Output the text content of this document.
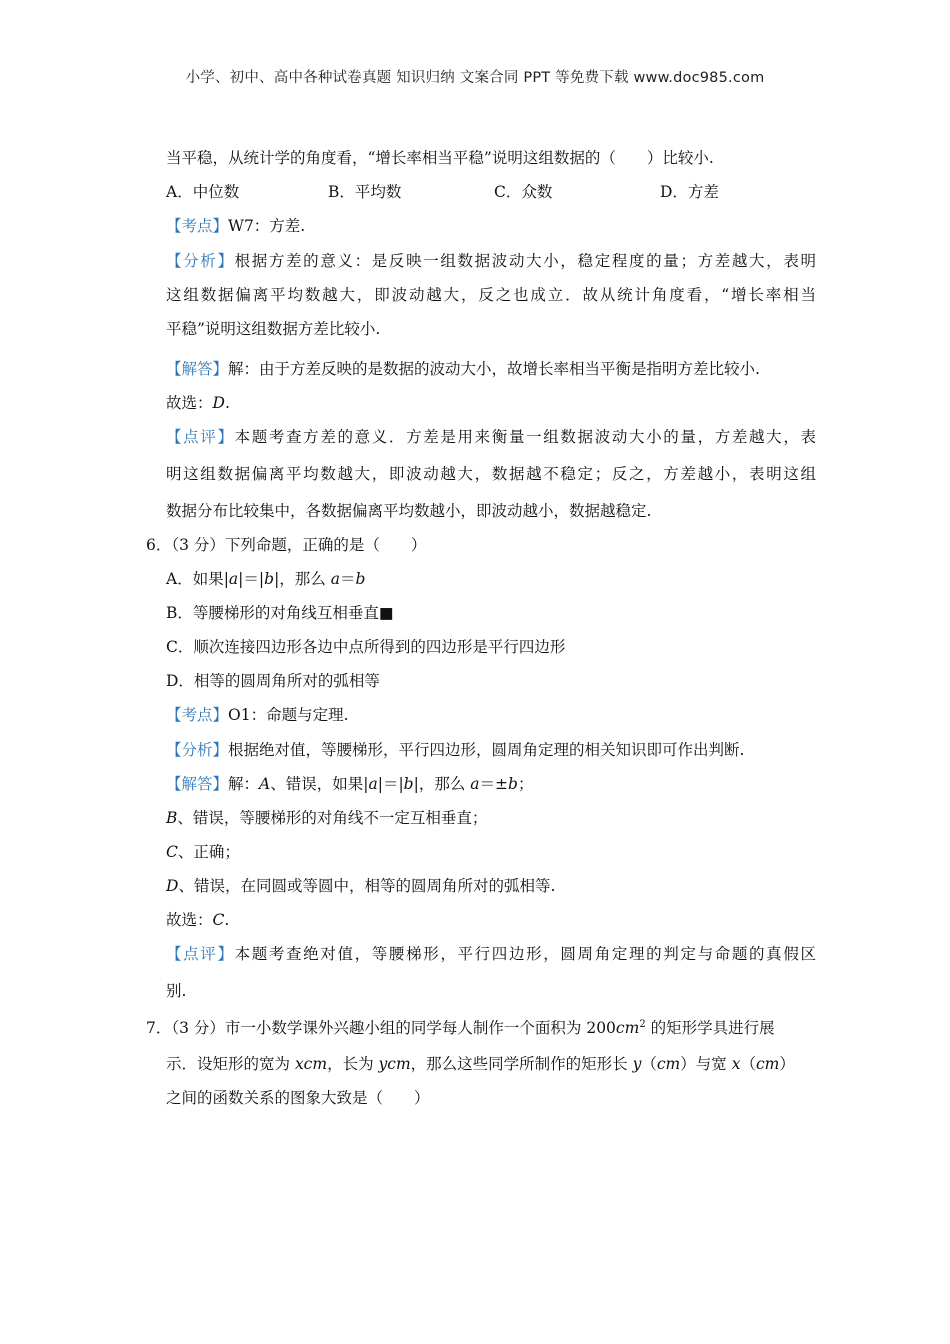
小学、初中、高中各种试卷真题 知识归纳 文案合同 PPT 等免费下载 www.doc985.com
当平稳，从统计学的角度看，“增长率相当平稳”说明这组数据的（　　）比较小.
A．中位数	B．平均数	C．众数	D．方差
【考点】W7：方差.
【分析】根据方差的意义：是反映一组数据波动大小，稳定程度的量；方差越大，表明
这组数据偏离平均数越大，即波动越大，反之也成立．故从统计角度看，“增长率相当
平稳”说明这组数据方差比较小.
【解答】解：由于方差反映的是数据的波动大小，故增长率相当平衡是指明方差比较小.
故选：D.
【点评】本题考查方差的意义．方差是用来衡量一组数据波动大小的量，方差越大，表
明这组数据偏离平均数越大，即波动越大，数据越不稳定；反之，方差越小，表明这组
数据分布比较集中，各数据偏离平均数越小，即波动越小，数据越稳定.
6．（3 分）下列命题，正确的是（　　）
A．如果|a|＝|b|，那么 a＝b
B．等腰梯形的对角线互相垂直■
C．顺次连接四边形各边中点所得到的四边形是平行四边形
D．相等的圆周角所对的弧相等
【考点】O1：命题与定理.
【分析】根据绝对值，等腰梯形，平行四边形，圆周角定理的相关知识即可作出判断.
【解答】解：A、错误，如果|a|＝|b|，那么 a＝±b；
B、错误，等腰梯形的对角线不一定互相垂直；
C、正确；
D、错误，在同圆或等圆中，相等的圆周角所对的弧相等.
故选：C.
【点评】本题考查绝对值，等腰梯形，平行四边形，圆周角定理的判定与命题的真假区
别.
7．（3 分）市一小数学课外兴趣小组的同学每人制作一个面积为 $200cm^2$ 的矩形学具进行展
示．设矩形的宽为 xcm，长为 ycm，那么这些同学所制作的矩形长 y（cm）与宽 x（cm）
之间的函数关系的图象大致是（　　）
